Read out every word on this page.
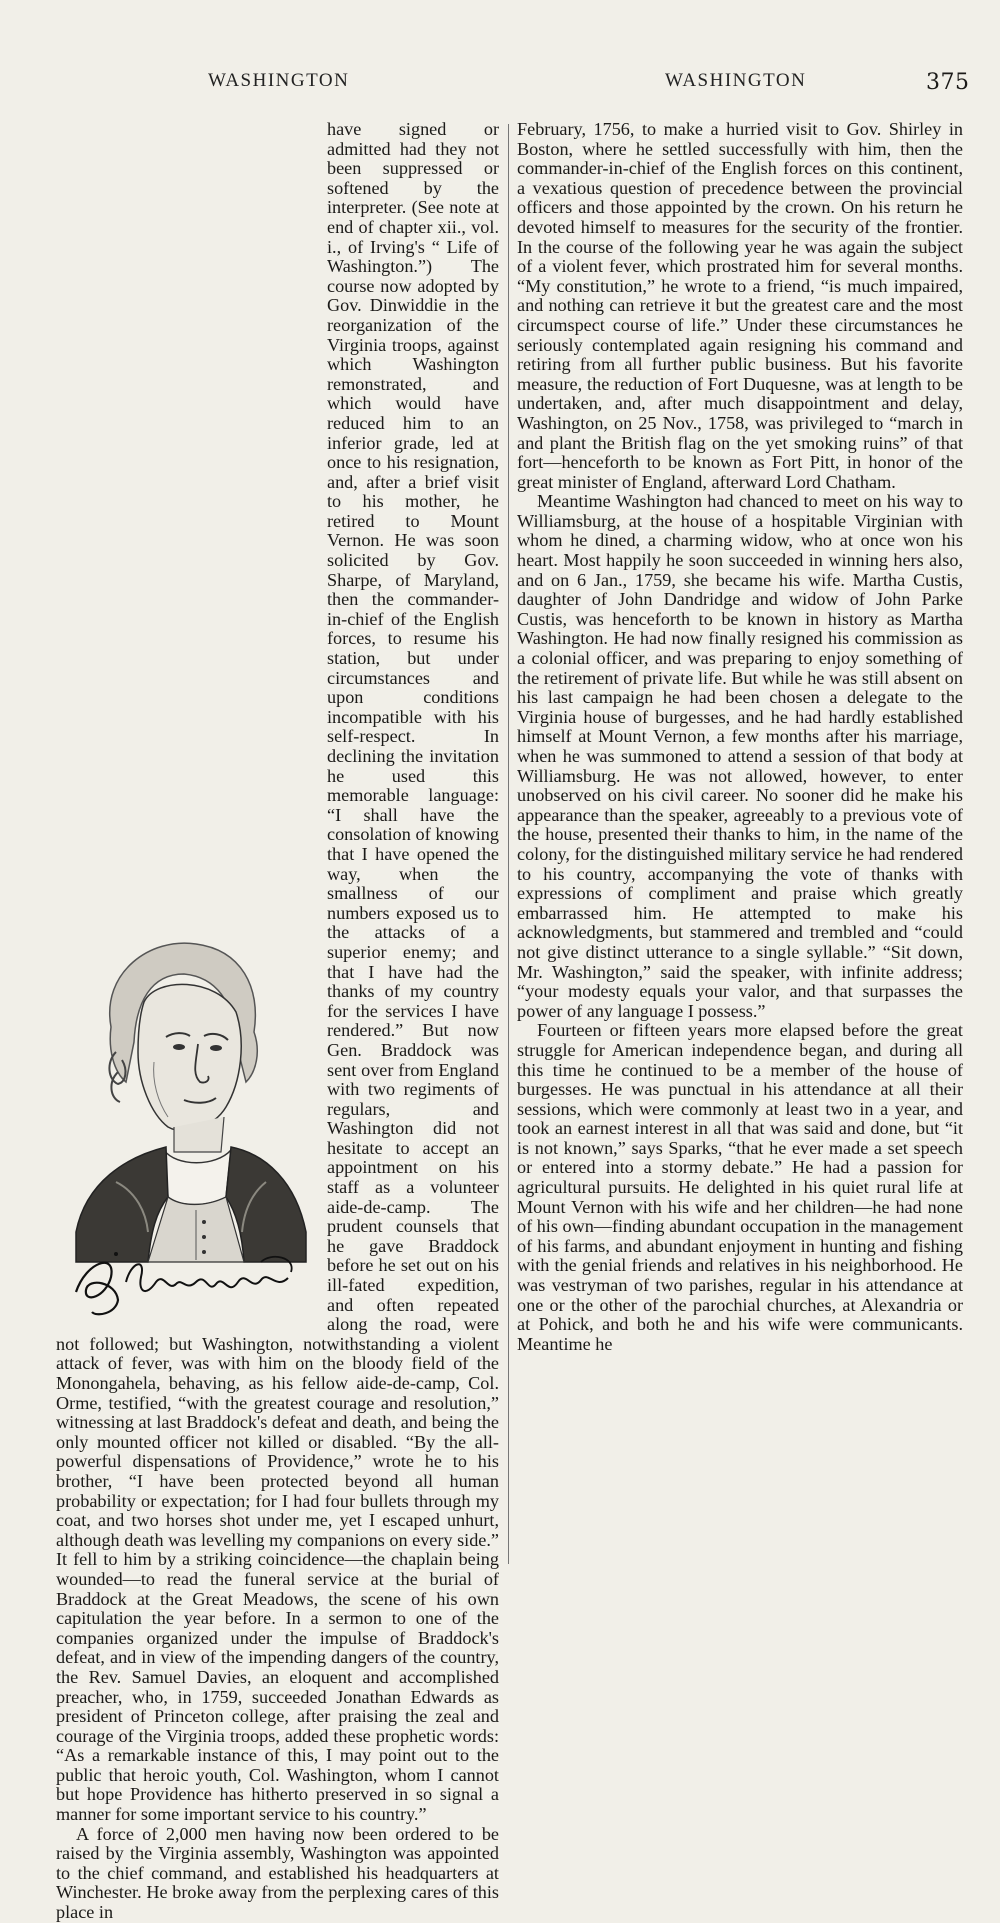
WASHINGTON	WASHINGTON	375

have signed or admitted had they not been suppressed or softened by the interpreter. (See note at end of chapter xii., vol. i., of Irving's “ Life of Washington.”) The course now adopted by Gov. Dinwiddie in the reorganization of the Virginia troops, against which Washington remonstrated, and which would have reduced him to an inferior grade, led at once to his resignation, and, after a brief visit to his mother, he retired to Mount Vernon. He was soon solicited by Gov. Sharpe, of Maryland, then the commander-in-chief of the English forces, to resume his station, but under circumstances and upon conditions incompatible with his self-respect. In declining the invitation he used this memorable language: “I shall have the consolation of knowing that I have opened the way, when the smallness of our numbers exposed us to the attacks of a superior enemy; and that I have had the thanks of my country for the services I have rendered.” But now Gen. Braddock was sent over from England with two regiments of regulars, and Washington did not hesitate to accept an appointment on his staff as a volunteer aide-de-camp. The prudent counsels that he gave Braddock before he set out on his ill-fated expedition, and often repeated along the road, were not followed; but Washington, notwithstanding a violent attack of fever, was with him on the bloody field of the Monongahela, behaving, as his fellow aide-de-camp, Col. Orme, testified, “with the greatest courage and resolution,” witnessing at last Braddock's defeat and death, and being the only mounted officer not killed or disabled. “By the all-powerful dispensations of Providence,” wrote he to his brother, “I have been protected beyond all human probability or expectation; for I had four bullets through my coat, and two horses shot under me, yet I escaped unhurt, although death was levelling my companions on every side.” It fell to him by a striking coincidence—the chaplain being wounded—to read the funeral service at the burial of Braddock at the Great Meadows, the scene of his own capitulation the year before. In a sermon to one of the companies organized under the impulse of Braddock's defeat, and in view of the impending dangers of the country, the Rev. Samuel Davies, an eloquent and accomplished preacher, who, in 1759, succeeded Jonathan Edwards as president of Princeton college, after praising the zeal and courage of the Virginia troops, added these prophetic words: “As a remarkable instance of this, I may point out to the public that heroic youth, Col. Washington, whom I cannot but hope Providence has hitherto preserved in so signal a manner for some important service to his country.”

A force of 2,000 men having now been ordered to be raised by the Virginia assembly, Washington was appointed to the chief command, and established his headquarters at Winchester. He broke away from the perplexing cares of this place in

February, 1756, to make a hurried visit to Gov. Shirley in Boston, where he settled successfully with him, then the commander-in-chief of the English forces on this continent, a vexatious question of precedence between the provincial officers and those appointed by the crown. On his return he devoted himself to measures for the security of the frontier. In the course of the following year he was again the subject of a violent fever, which prostrated him for several months. “My constitution,” he wrote to a friend, “is much impaired, and nothing can retrieve it but the greatest care and the most circumspect course of life.” Under these circumstances he seriously contemplated again resigning his command and retiring from all further public business. But his favorite measure, the reduction of Fort Duquesne, was at length to be undertaken, and, after much disappointment and delay, Washington, on 25 Nov., 1758, was privileged to “march in and plant the British flag on the yet smoking ruins” of that fort—henceforth to be known as Fort Pitt, in honor of the great minister of England, afterward Lord Chatham.

Meantime Washington had chanced to meet on his way to Williamsburg, at the house of a hospitable Virginian with whom he dined, a charming widow, who at once won his heart. Most happily he soon succeeded in winning hers also, and on 6 Jan., 1759, she became his wife. Martha Custis, daughter of John Dandridge and widow of John Parke Custis, was henceforth to be known in history as Martha Washington. He had now finally resigned his commission as a colonial officer, and was preparing to enjoy something of the retirement of private life. But while he was still absent on his last campaign he had been chosen a delegate to the Virginia house of burgesses, and he had hardly established himself at Mount Vernon, a few months after his marriage, when he was summoned to attend a session of that body at Williamsburg. He was not allowed, however, to enter unobserved on his civil career. No sooner did he make his appearance than the speaker, agreeably to a previous vote of the house, presented their thanks to him, in the name of the colony, for the distinguished military service he had rendered to his country, accompanying the vote of thanks with expressions of compliment and praise which greatly embarrassed him. He attempted to make his acknowledgments, but stammered and trembled and “could not give distinct utterance to a single syllable.” “Sit down, Mr. Washington,” said the speaker, with infinite address; “your modesty equals your valor, and that surpasses the power of any language I possess.”

Fourteen or fifteen years more elapsed before the great struggle for American independence began, and during all this time he continued to be a member of the house of burgesses. He was punctual in his attendance at all their sessions, which were commonly at least two in a year, and took an earnest interest in all that was said and done, but “it is not known,” says Sparks, “that he ever made a set speech or entered into a stormy debate.” He had a passion for agricultural pursuits. He delighted in his quiet rural life at Mount Vernon with his wife and her children—he had none of his own—finding abundant occupation in the management of his farms, and abundant enjoyment in hunting and fishing with the genial friends and relatives in his neighborhood. He was vestryman of two parishes, regular in his attendance at one or the other of the parochial churches, at Alexandria or at Pohick, and both he and his wife were communicants. Meantime he
